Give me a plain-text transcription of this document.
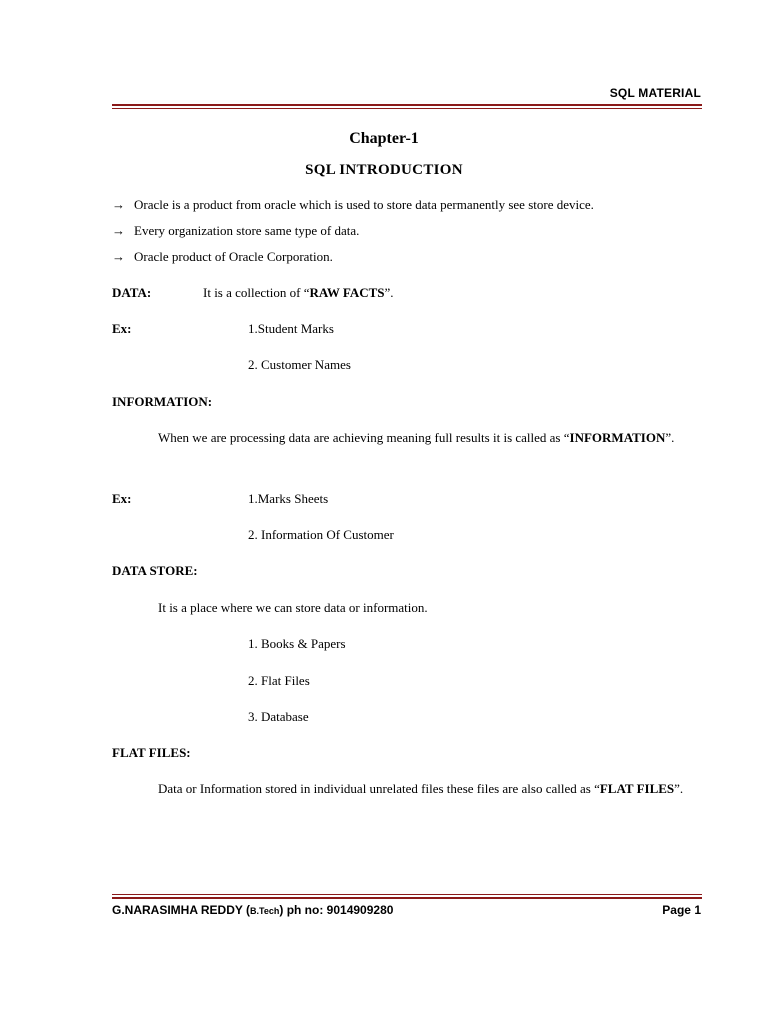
SQL MATERIAL
Chapter-1
SQL INTRODUCTION
→ Oracle is a product from oracle which is used to store data permanently see store device.
→ Every organization store same type of data.
→ Oracle product of Oracle Corporation.
DATA:	It is a collection of “RAW FACTS”.
Ex:	1.Student Marks
2. Customer Names
INFORMATION:
When we are processing data are achieving meaning full results it is called as “INFORMATION”.
Ex:	1.Marks Sheets
2. Information Of Customer
DATA STORE:
It is a place where we can store data or information.
1. Books & Papers
2. Flat Files
3. Database
FLAT FILES:
Data or Information stored in individual unrelated files these files are also called as “FLAT FILES”.
G.NARASIMHA REDDY (B.Tech) ph no: 9014909280	Page 1
